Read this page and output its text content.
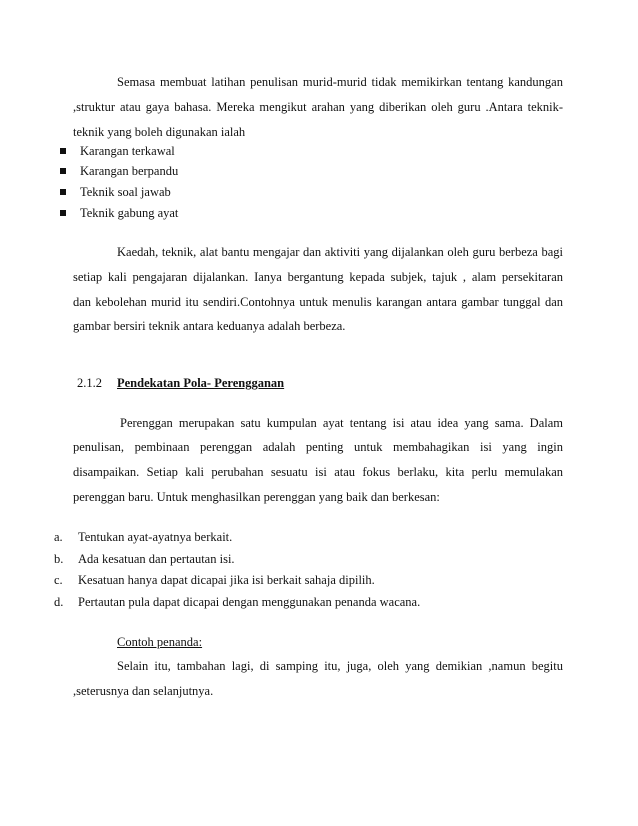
Semasa membuat latihan penulisan murid-murid tidak memikirkan tentang kandungan
,struktur atau gaya bahasa. Mereka mengikut arahan yang diberikan oleh guru .Antara teknik-
teknik yang boleh digunakan ialah
Karangan terkawal
Karangan berpandu
Teknik soal jawab
Teknik gabung ayat
Kaedah, teknik, alat bantu mengajar dan aktiviti yang dijalankan oleh guru berbeza bagi
setiap kali pengajaran dijalankan. Ianya bergantung kepada subjek, tajuk , alam persekitaran
dan kebolehan murid itu sendiri.Contohnya untuk menulis karangan antara gambar tunggal dan
gambar bersiri teknik antara keduanya adalah berbeza.
2.1.2 Pendekatan Pola- Perengganan
Perenggan merupakan satu kumpulan ayat tentang isi atau idea yang sama. Dalam
penulisan, pembinaan perenggan adalah penting untuk membahagikan isi yang ingin
disampaikan. Setiap kali perubahan sesuatu isi atau fokus berlaku, kita perlu memulakan
perenggan baru. Untuk menghasilkan perenggan yang baik dan berkesan:
a. Tentukan ayat-ayatnya berkait.
b. Ada kesatuan dan pertautan isi.
c. Kesatuan hanya dapat dicapai jika isi berkait sahaja dipilih.
d. Pertautan pula dapat dicapai dengan menggunakan penanda wacana.
Contoh penanda:
Selain itu, tambahan lagi, di samping itu, juga, oleh yang demikian ,namun begitu
,seterusnya dan selanjutnya.
